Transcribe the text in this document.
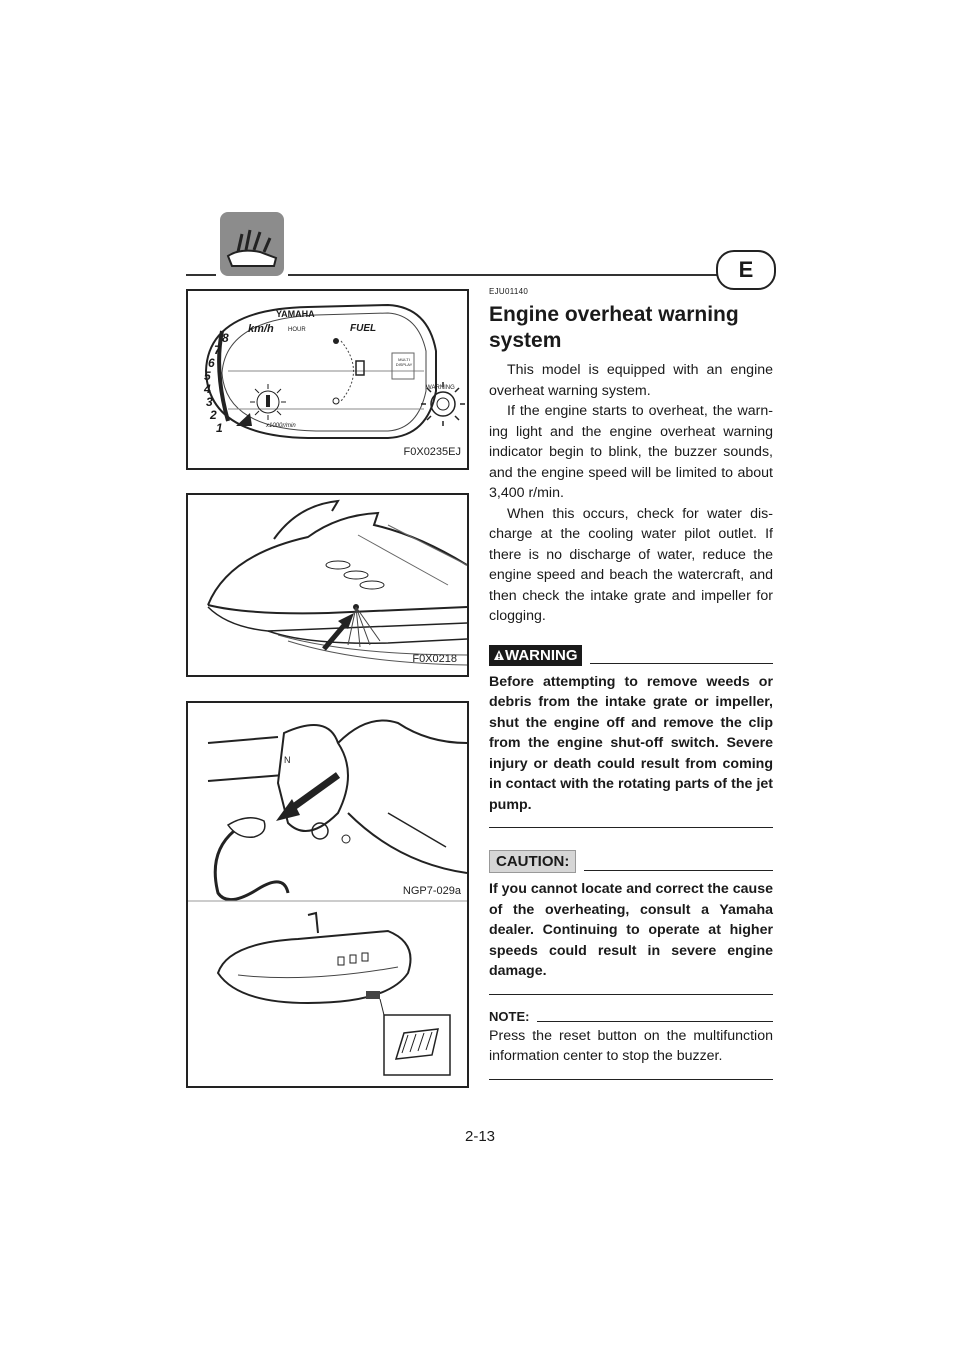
E
YAMAHA
km/h HOUR	FUEL
MULTI DISPLAY
WARNING
x1000r/min
8
7
6
5
4
3
2
1
F0X0235EJ
F0X0218
N
NGP7-029a
EJU01140
Engine overheat warning system

This model is equipped with an engine overheat warning system.

If the engine starts to overheat, the warn- ing light and the engine overheat warning indicator begin to blink, the buzzer sounds, and the engine speed will be limited to about 3,400 r/min.

When this occurs, check for water dis- charge at the cooling water pilot outlet. If there is no discharge of water, reduce the engine speed and beach the watercraft, and then check the intake grate and impeller for clogging.

WARNING

Before attempting to remove weeds or debris from the intake grate or impeller, shut the engine off and remove the clip from the engine shut-off switch. Severe injury or death could result from coming in contact with the rotating parts of the jet pump.

CAUTION:

If you cannot locate and correct the cause of the overheating, consult a Yamaha dealer. Continuing to operate at higher speeds could result in severe engine damage.

NOTE:

Press the reset button on the multifunction information center to stop the buzzer.

2-13
